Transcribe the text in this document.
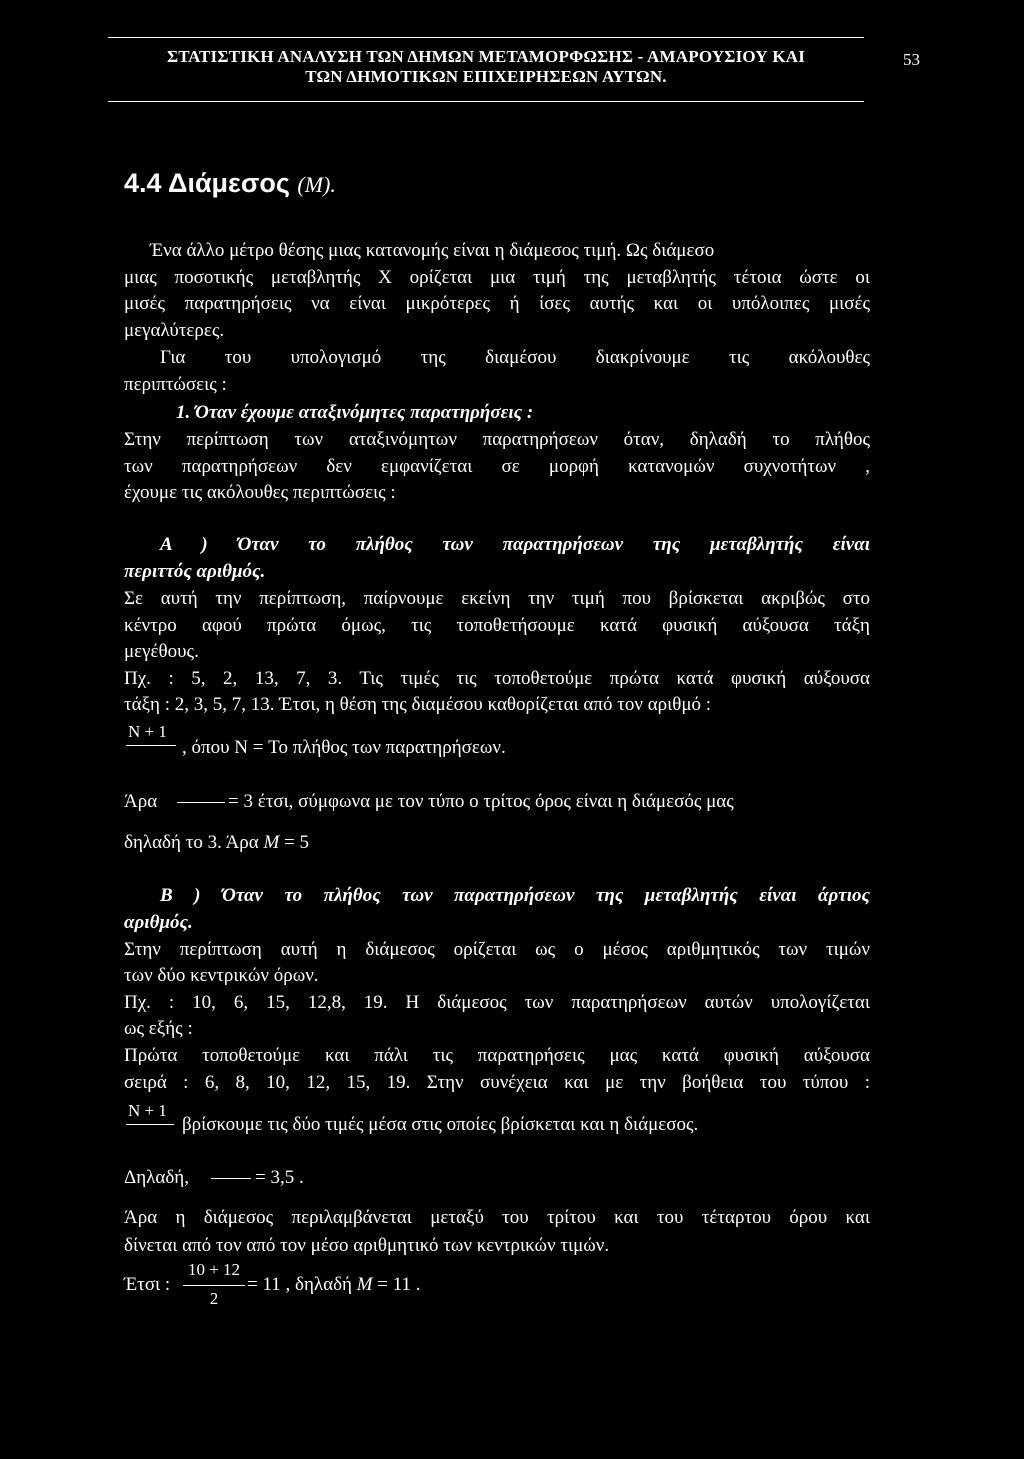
ΣΤΑΤΙΣΤΙΚΗ ΑΝΑΛΥΣΗ ΤΩΝ ΔΗΜΩΝ ΜΕΤΑΜΟΡΦΩΣΗΣ - ΑΜΑΡΟΥΣΙΟΥ ΚΑΙ
ΤΩΝ ΔΗΜΟΤΙΚΩΝ ΕΠΙΧΕΙΡΗΣΕΩΝ ΑΥΤΩΝ.
53
4.4 Διάμεσος (M).
Ένα άλλο μέτρο θέσης μιας κατανομής είναι η διάμεσος τιμή. Ως διάμεσο
μιας ποσοτικής μεταβλητής Χ ορίζεται μια τιμή της μεταβλητής τέτοια ώστε οι
μισές παρατηρήσεις να είναι μικρότερες ή ίσες αυτής και οι υπόλοιπες μισές
μεγαλύτερες.
Για του υπολογισμό της διαμέσου διακρίνουμε τις ακόλουθες
περιπτώσεις :
1. Όταν έχουμε αταξινόμητες παρατηρήσεις :
Στην περίπτωση των αταξινόμητων παρατηρήσεων όταν, δηλαδή το πλήθος
των παρατηρήσεων δεν εμφανίζεται σε μορφή κατανομών συχνοτήτων ,
έχουμε τις ακόλουθες περιπτώσεις :
Α ) Όταν το πλήθος των παρατηρήσεων της μεταβλητής είναι
περιττός αριθμός.
Σε αυτή την περίπτωση, παίρνουμε εκείνη την τιμή που βρίσκεται ακριβώς στο
κέντρο αφού πρώτα όμως, τις τοποθετήσουμε κατά φυσική αύξουσα τάξη
μεγέθους.
Πχ. : 5, 2, 13, 7, 3. Τις τιμές τις τοποθετούμε πρώτα κατά φυσική αύξουσα
τάξη : 2, 3, 5, 7, 13. Έτσι, η θέση της διαμέσου καθορίζεται από τον αριθμό :
N + 1
, όπου N = Το πλήθος των παρατηρήσεων.
Άρα	= 3 έτσι, σύμφωνα με τον τύπο ο τρίτος όρος είναι η διάμεσός μας
δηλαδή το 3. Άρα M = 5
Β ) Όταν το πλήθος των παρατηρήσεων της μεταβλητής είναι άρτιος
αριθμός.
Στην περίπτωση αυτή η διάμεσος ορίζεται ως ο μέσος αριθμητικός των τιμών
των δύο κεντρικών όρων.
Πχ. : 10, 6, 15, 12,8, 19. Η διάμεσος των παρατηρήσεων αυτών υπολογίζεται
ως εξής :
Πρώτα τοποθετούμε και πάλι τις παρατηρήσεις μας κατά φυσική αύξουσα
σειρά : 6, 8, 10, 12, 15, 19. Στην συνέχεια και με την βοήθεια του τύπου :
N + 1
βρίσκουμε τις δύο τιμές μέσα στις οποίες βρίσκεται και η διάμεσος.
Δηλαδή,	= 3,5 .
Άρα η διάμεσος περιλαμβάνεται μεταξύ του τρίτου και του τέταρτου όρου και
δίνεται από τον από τον μέσο αριθμητικό των κεντρικών τιμών.
Έτσι :
10 + 12
2
= 11 , δηλαδή M = 11 .
